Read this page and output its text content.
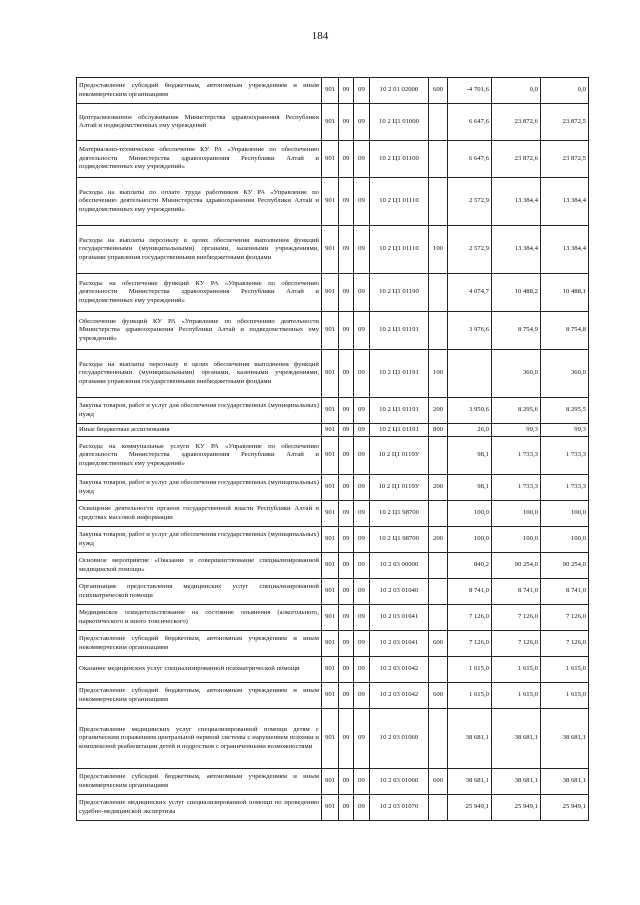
184
Предоставление субсидий бюджетным, автономным учреждениям и иным некоммерческим организациям	901	09	09	10 2 01 02000	600	-4 701,6	0,0	0,0
Централизованное обслуживание Министерства здравоохранения Республики Алтай и подведомственных ему учреждений	901	09	09	10 2 Ц1 01000		6 647,6	23 872,6	23 872,5
Материально-техническое обеспечение КУ РА «Управление по обеспечению деятельности Министерства здравоохранения Республики Алтай и подведомственных ему учреждений»	901	09	09	10 2 Ц1 01100		6 647,6	23 872,6	23 872,5
Расходы на выплаты по оплате труда работников КУ РА «Управление по обеспечению деятельности Министерства здравоохранения Республики Алтай и подведомственных ему учреждений»	901	09	09	10 2 Ц1 01110		2 572,9	13 384,4	13 384,4
Расходы на выплаты персоналу в целях обеспечения выполнения функций государственными (муниципальными) органами, казенными учреждениями, органами управления государственными внебюджетными фондами	901	09	09	10 2 Ц1 01110	100	2 572,9	13 384,4	13 384,4
Расходы на обеспечение функций КУ РА «Управление по обеспечению деятельности Министерства здравоохранения Республики Алтай и подведомственных ему учреждений»	901	09	09	10 2 Ц1 01190		4 074,7	10 488,2	10 488,1
Обеспечение функций КУ РА «Управление по обеспечению деятельности Министерства здравоохранения Республики Алтай и подведомственных ему учреждений»	901	09	09	10 2 Ц1 01191		3 976,6	8 754,9	8 754,8
Расходы на выплаты персоналу в целях обеспечения выполнения функций государственными (муниципальными) органами, казенными учреждениями, органами управления государственными внебюджетными фондами	901	09	09	10 2 Ц1 01191	100		360,0	360,0
Закупка товаров, работ и услуг для обеспечения государственных (муниципальных) нужд	901	09	09	10 2 Ц1 01191	200	3 950,6	8 295,6	8 295,5
Иные бюджетные ассигнования	901	09	09	10 2 Ц1 01191	800	26,0	99,3	99,3
Расходы на коммунальные услуги КУ РА «Управление по обеспечению деятельности Министерства здравоохранения Республики Алтай и подведомственных ему учреждений»	901	09	09	10 2 Ц1 0119У		98,1	1 733,3	1 733,3
Закупка товаров, работ и услуг для обеспечения государственных (муниципальных) нужд	901	09	09	10 2 Ц1 0119У	200	98,1	1 733,3	1 733,3
Освещение деятельности органов государственной власти Республики Алтай в средствах массовой информации	901	09	09	10 2 Ц1 98700		100,0	100,0	100,0
Закупка товаров, работ и услуг для обеспечения государственных (муниципальных) нужд	901	09	09	10 2 Ц1 98700	200	100,0	100,0	100,0
Основное мероприятие «Оказание и совершенствование специализированной медицинской помощи»	901	09	09	10 2 03 00000		840,2	90 254,0	90 254,0
Организация предоставления медицинских услуг специализированной психиатрической помощи	901	09	09	10 2 03 01040		8 741,0	8 741,0	8 741,0
Медицинское освидетельствование на состояние опьянения (алкогольного, наркотического и иного токсического)	901	09	09	10 2 03 01041		7 126,0	7 126,0	7 126,0
Предоставление субсидий бюджетным, автономным учреждениям и иным некоммерческим организациям	901	09	09	10 2 03 01041	600	7 126,0	7 126,0	7 126,0
Оказание медицинских услуг специализированной психиатрической помощи	901	09	09	10 2 03 01042		1 615,0	1 615,0	1 615,0
Предоставление субсидий бюджетным, автономным учреждениям и иным некоммерческим организациям	901	09	09	10 2 03 01042	600	1 615,0	1 615,0	1 615,0
Предоставление медицинских услуг специализированной помощи детям с органическим поражением центральной нервной системы с нарушением психики и комплексной реабилитации детей и подростков с ограниченными возможностями	901	09	09	10 2 03 01060		38 681,1	38 681,1	38 681,1
Предоставление субсидий бюджетным, автономным учреждениям и иным некоммерческим организациям	901	09	09	10 2 03 01060	600	38 681,1	38 681,1	38 681,1
Предоставление медицинских услуг специализированной помощи по проведению судебно-медицинской экспертизы	901	09	09	10 2 03 01070		25 949,1	25 949,1	25 949,1
